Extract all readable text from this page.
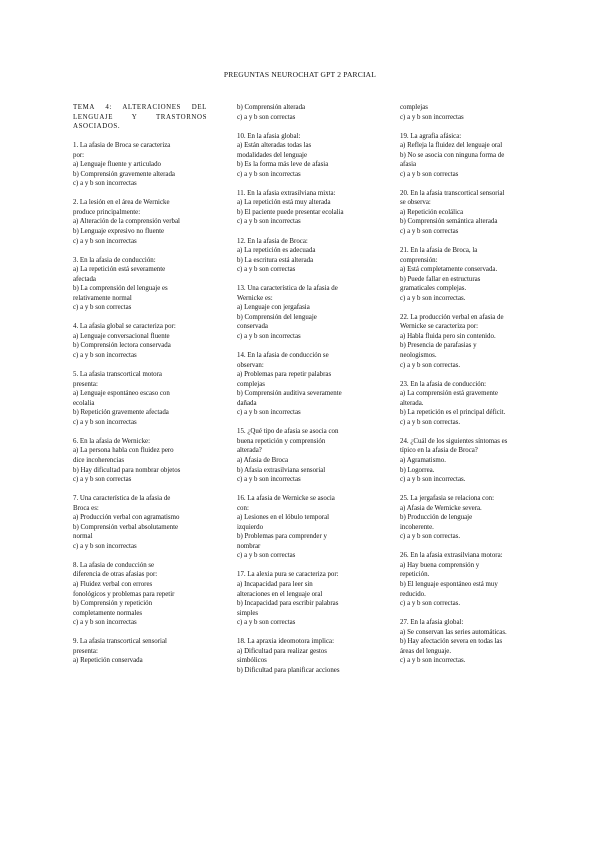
PREGUNTAS NEUROCHAT GPT 2 PARCIAL
TEMA 4: ALTERACIONES DEL
LENGUAJE Y TRASTORNOS
ASOCIADOS.
1. La afasia de Broca se caracteriza
por:
a) Lenguaje fluente y articulado
b) Comprensión gravemente alterada
c) a y b son incorrectas
2. La lesión en el área de Wernicke
produce principalmente:
a) Alteración de la comprensión verbal
b) Lenguaje expresivo no fluente
c) a y b son incorrectas
3. En la afasia de conducción:
a) La repetición está severamente
afectada
b) La comprensión del lenguaje es
relativamente normal
c) a y b son correctas
4. La afasia global se caracteriza por:
a) Lenguaje conversacional fluente
b) Comprensión lectora conservada
c) a y b son incorrectas
5. La afasia transcortical motora
presenta:
a) Lenguaje espontáneo escaso con
ecolalia
b) Repetición gravemente afectada
c) a y b son incorrectas
6. En la afasia de Wernicke:
a) La persona habla con fluidez pero
dice incoherencias
b) Hay dificultad para nombrar objetos
c) a y b son correctas
7. Una característica de la afasia de
Broca es:
a) Producción verbal con agramatismo
b) Comprensión verbal absolutamente
normal
c) a y b son incorrectas
8. La afasia de conducción se
diferencia de otras afasias por:
a) Fluidez verbal con errores
fonológicos y problemas para repetir
b) Comprensión y repetición
completamente normales
c) a y b son incorrectas
9. La afasia transcortical sensorial
presenta:
a) Repetición conservada
b) Comprensión alterada
c) a y b son correctas
10. En la afasia global:
a) Están alteradas todas las
modalidades del lenguaje
b) Es la forma más leve de afasia
c) a y b son incorrectas
11. En la afasia extrasilviana mixta:
a) La repetición está muy alterada
b) El paciente puede presentar ecolalia
c) a y b son incorrectas
12. En la afasia de Broca:
a) La repetición es adecuada
b) La escritura está alterada
c) a y b son correctas
13. Una característica de la afasia de
Wernicke es:
a) Lenguaje con jergafasia
b) Comprensión del lenguaje
conservada
c) a y b son incorrectas
14. En la afasia de conducción se
observan:
a) Problemas para repetir palabras
complejas
b) Comprensión auditiva severamente
dañada
c) a y b son incorrectas
15. ¿Qué tipo de afasia se asocia con
buena repetición y comprensión
alterada?
a) Afasia de Broca
b) Afasia extrasilviana sensorial
c) a y b son incorrectas
16. La afasia de Wernicke se asocia
con:
a) Lesiones en el lóbulo temporal
izquierdo
b) Problemas para comprender y
nombrar
c) a y b son correctas
17. La alexia pura se caracteriza por:
a) Incapacidad para leer sin
alteraciones en el lenguaje oral
b) Incapacidad para escribir palabras
simples
c) a y b son correctas
18. La apraxia ideomotora implica:
a) Dificultad para realizar gestos
simbólicos
b) Dificultad para planificar acciones
complejas
c) a y b son incorrectas
19. La agrafia afásica:
a) Refleja la fluidez del lenguaje oral
b) No se asocia con ninguna forma de
afasia
c) a y b son correctas
20. En la afasia transcortical sensorial
se observa:
a) Repetición ecolálica
b) Comprensión semántica alterada
c) a y b son correctas
21. En la afasia de Broca, la
comprensión:
a) Está completamente conservada.
b) Puede fallar en estructuras
gramaticales complejas.
c) a y b son incorrectas.
22. La producción verbal en afasia de
Wernicke se caracteriza por:
a) Habla fluida pero sin contenido.
b) Presencia de parafasias y
neologismos.
c) a y b son correctas.
23. En la afasia de conducción:
a) La comprensión está gravemente
alterada.
b) La repetición es el principal déficit.
c) a y b son correctas.
24. ¿Cuál de los siguientes síntomas es
típico en la afasia de Broca?
a) Agramatismo.
b) Logorrea.
c) a y b son incorrectas.
25. La jergafasia se relaciona con:
a) Afasia de Wernicke severa.
b) Producción de lenguaje
incoherente.
c) a y b son correctas.
26. En la afasia extrasilviana motora:
a) Hay buena comprensión y
repetición.
b) El lenguaje espontáneo está muy
reducido.
c) a y b son correctas.
27. En la afasia global:
a) Se conservan las series automáticas.
b) Hay afectación severa en todas las
áreas del lenguaje.
c) a y b son incorrectas.
